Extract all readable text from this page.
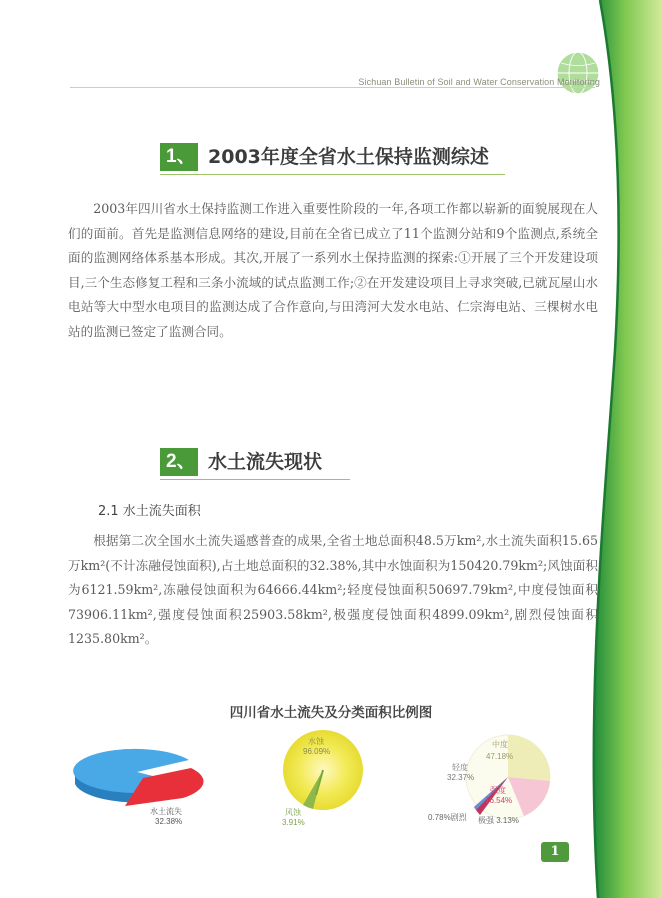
Sichuan Bulletin of Soil and Water Conservation Monitoring
1、 2003年度全省水土保持监测综述

2003年四川省水土保持监测工作进入重要性阶段的一年,各项工作都以崭新的面貌展现在人们的面前。首先是监测信息网络的建设,目前在全省已成立了11个监测分站和9个监测点,系统全面的监测网络体系基本形成。其次,开展了一系列水土保持监测的探索:①开展了三个开发建设项目,三个生态修复工程和三条小流域的试点监测工作;②在开发建设项目上寻求突破,已就瓦屋山水电站等大中型水电项目的监测达成了合作意向,与田湾河大发水电站、仁宗海电站、三棵树水电站的监测已签定了监测合同。

2、 水土流失现状
2.1 水土流失面积

根据第二次全国水土流失遥感普查的成果,全省土地总面积48.5万km²,水土流失面积15.65万km²(不计冻融侵蚀面积),占土地总面积的32.38%,其中水蚀面积为150420.79km²;风蚀面积为6121.59km²,冻融侵蚀面积为64666.44km²;轻度侵蚀面积50697.79km²,中度侵蚀面积73906.11km²,强度侵蚀面积25903.58km²,极强度侵蚀面积4899.09km²,剧烈侵蚀面积1235.80km²。

四川省水土流失及分类面积比例图
水土流失
32.38%
水蚀
96.09%
风蚀
3.91%
中度
47.18%
轻度
32.37%
强度
16.54%
0.78%剧烈 极强 3.13%
1
